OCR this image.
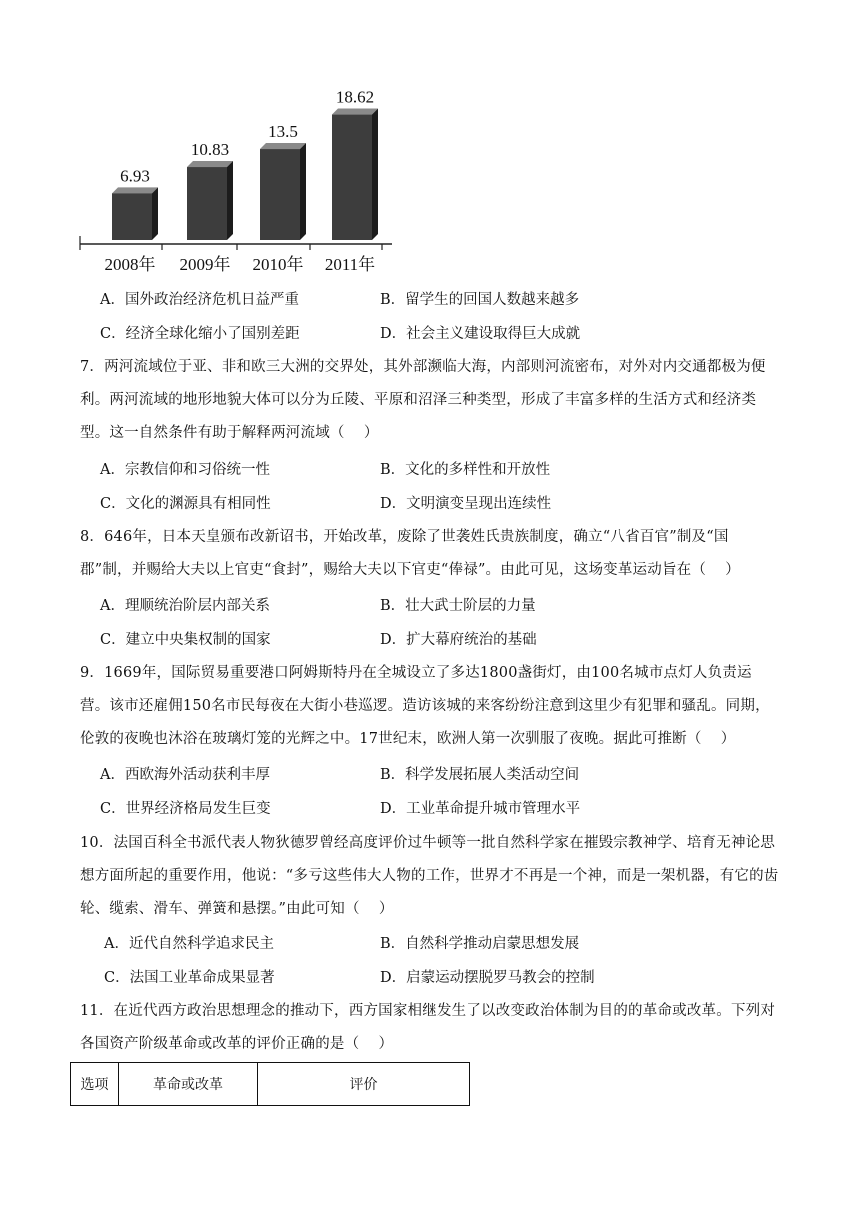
6.93
2008年
10.83
2009年
13.5
2010年
18.62
2011年
A．国外政治经济危机日益严重	B．留学生的回国人数越来越多
C．经济全球化缩小了国别差距	D．社会主义建设取得巨大成就
7．两河流域位于亚、非和欧三大洲的交界处，其外部濒临大海，内部则河流密布，对外对内交通都极为便利。两河流域的地形地貌大体可以分为丘陵、平原和沼泽三种类型，形成了丰富多样的生活方式和经济类型。这一自然条件有助于解释两河流域（    ）
A．宗教信仰和习俗统一性	B．文化的多样性和开放性
C．文化的渊源具有相同性	D．文明演变呈现出连续性
8．646年，日本天皇颁布改新诏书，开始改革，废除了世袭姓氏贵族制度，确立“八省百官”制及“国郡”制，并赐给大夫以上官吏“食封”，赐给大夫以下官吏“俸禄”。由此可见，这场变革运动旨在（    ）
A．理顺统治阶层内部关系	B．壮大武士阶层的力量
C．建立中央集权制的国家	D．扩大幕府统治的基础
9．1669年，国际贸易重要港口阿姆斯特丹在全城设立了多达1800盏街灯，由100名城市点灯人负责运营。该市还雇佣150名市民每夜在大街小巷巡逻。造访该城的来客纷纷注意到这里少有犯罪和骚乱。同期，伦敦的夜晚也沐浴在玻璃灯笼的光辉之中。17世纪末，欧洲人第一次驯服了夜晚。据此可推断（    ）
A．西欧海外活动获利丰厚	B．科学发展拓展人类活动空间
C．世界经济格局发生巨变	D．工业革命提升城市管理水平
10．法国百科全书派代表人物狄德罗曾经高度评价过牛顿等一批自然科学家在摧毁宗教神学、培育无神论思想方面所起的重要作用，他说：“多亏这些伟大人物的工作，世界才不再是一个神，而是一架机器，有它的齿轮、缆索、滑车、弹簧和悬摆。”由此可知（    ）
A．近代自然科学追求民主	B．自然科学推动启蒙思想发展
C．法国工业革命成果显著	D．启蒙运动摆脱罗马教会的控制
11．在近代西方政治思想理念的推动下，西方国家相继发生了以改变政治体制为目的的革命或改革。下列对各国资产阶级革命或改革的评价正确的是（    ）
选项	革命或改革	评价
